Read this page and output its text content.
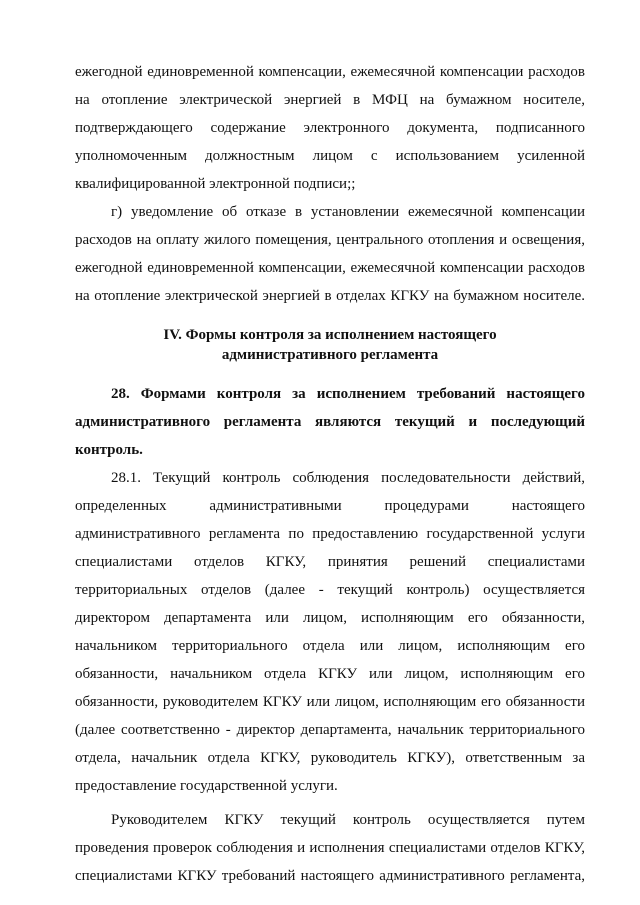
ежегодной единовременной компенсации, ежемесячной компенсации расходов
на отопление электрической энергией в МФЦ на бумажном носителе,
подтверждающего содержание электронного документа, подписанного
уполномоченным должностным лицом с использованием усиленной
квалифицированной электронной подписи;;
г) уведомление об отказе в установлении ежемесячной компенсации
расходов на оплату жилого помещения, центрального отопления и освещения,
ежегодной единовременной компенсации, ежемесячной компенсации расходов
на отопление электрической энергией в отделах КГКУ на бумажном носителе.
IV. Формы контроля за исполнением настоящего
административного регламента
28. Формами контроля за исполнением требований настоящего
административного регламента являются текущий и последующий
контроль.
28.1. Текущий контроль соблюдения последовательности действий,
определенных административными процедурами настоящего
административного регламента по предоставлению государственной услуги
специалистами отделов КГКУ, принятия решений специалистами
территориальных отделов (далее - текущий контроль) осуществляется
директором департамента или лицом, исполняющим его обязанности,
начальником территориального отдела или лицом, исполняющим его
обязанности, начальником отдела КГКУ или лицом, исполняющим его
обязанности, руководителем КГКУ или лицом, исполняющим его обязанности
(далее соответственно - директор департамента, начальник территориального
отдела, начальник отдела КГКУ, руководитель КГКУ), ответственным за
предоставление государственной услуги.
Руководителем КГКУ текущий контроль осуществляется путем
проведения проверок соблюдения и исполнения специалистами отделов КГКУ,
специалистами КГКУ требований настоящего административного регламента,
